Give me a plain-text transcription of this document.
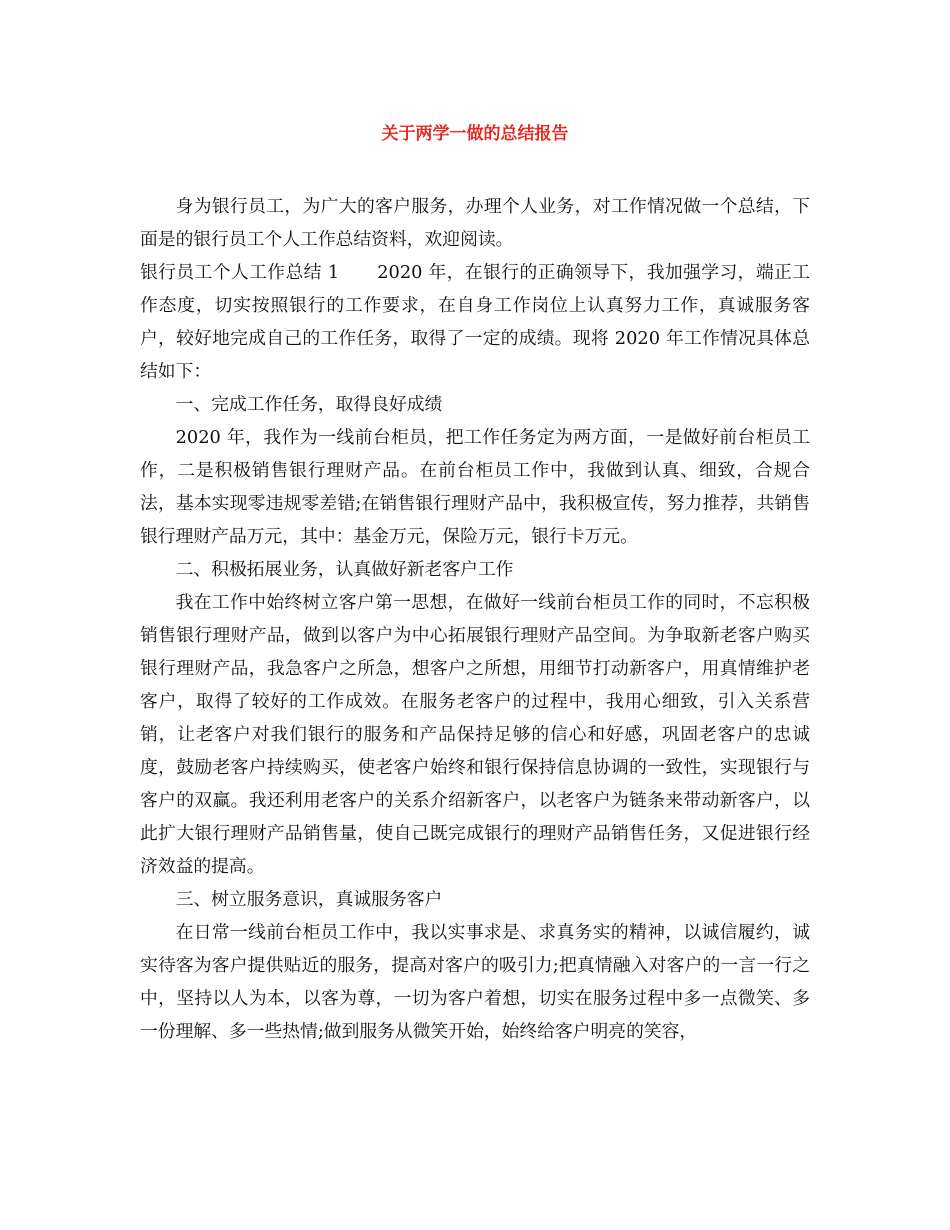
关于两学一做的总结报告

身为银行员工，为广大的客户服务，办理个人业务，对工作情况做一个总结，下面是的银行员工个人工作总结资料，欢迎阅读。

银行员工个人工作总结 1 2020 年，在银行的正确领导下，我加强学习，端正工作态度，切实按照银行的工作要求，在自身工作岗位上认真努力工作，真诚服务客户，较好地完成自己的工作任务，取得了一定的成绩。现将 2020 年工作情况具体总结如下：

一、完成工作任务，取得良好成绩

2020 年，我作为一线前台柜员，把工作任务定为两方面，一是做好前台柜员工作，二是积极销售银行理财产品。在前台柜员工作中，我做到认真、细致，合规合法，基本实现零违规零差错;在销售银行理财产品中，我积极宣传，努力推荐，共销售银行理财产品万元，其中：基金万元，保险万元，银行卡万元。

二、积极拓展业务，认真做好新老客户工作

我在工作中始终树立客户第一思想，在做好一线前台柜员工作的同时，不忘积极销售银行理财产品，做到以客户为中心拓展银行理财产品空间。为争取新老客户购买银行理财产品，我急客户之所急，想客户之所想，用细节打动新客户，用真情维护老客户，取得了较好的工作成效。在服务老客户的过程中，我用心细致，引入关系营销，让老客户对我们银行的服务和产品保持足够的信心和好感，巩固老客户的忠诚度，鼓励老客户持续购买，使老客户始终和银行保持信息协调的一致性，实现银行与客户的双赢。我还利用老客户的关系介绍新客户，以老客户为链条来带动新客户，以此扩大银行理财产品销售量，使自己既完成银行的理财产品销售任务，又促进银行经济效益的提高。

三、树立服务意识，真诚服务客户

在日常一线前台柜员工作中，我以实事求是、求真务实的精神，以诚信履约，诚实待客为客户提供贴近的服务，提高对客户的吸引力;把真情融入对客户的一言一行之中，坚持以人为本，以客为尊，一切为客户着想，切实在服务过程中多一点微笑、多一份理解、多一些热情;做到服务从微笑开始，始终给客户明亮的笑容，
